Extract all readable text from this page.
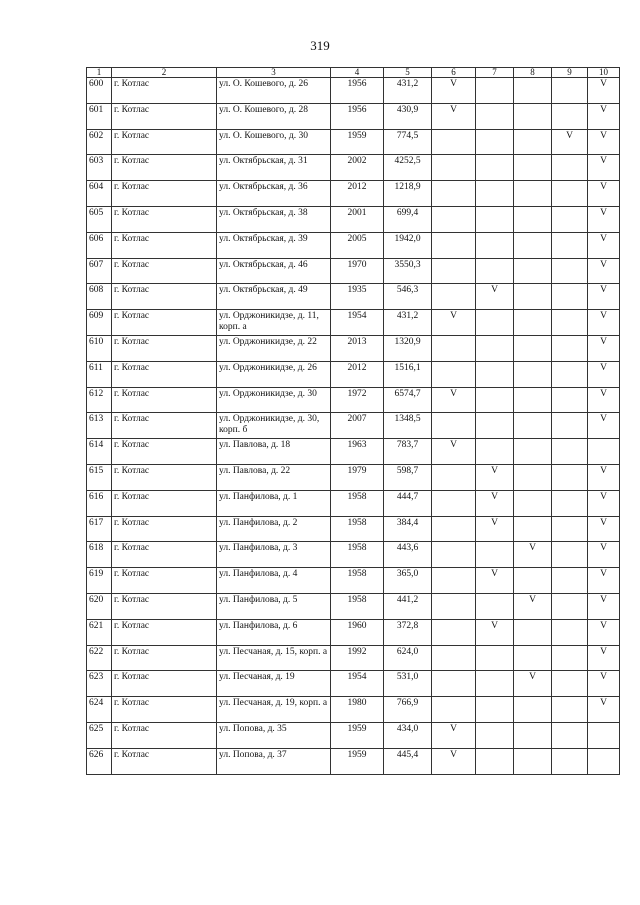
319
1	2	3	4	5	6	7	8	9	10
600	г. Котлас	ул. О. Кошевого, д. 26	1956	431,2	V				V
601	г. Котлас	ул. О. Кошевого, д. 28	1956	430,9	V				V
602	г. Котлас	ул. О. Кошевого, д. 30	1959	774,5				V	V
603	г. Котлас	ул. Октябрьская, д. 31	2002	4252,5					V
604	г. Котлас	ул. Октябрьская, д. 36	2012	1218,9					V
605	г. Котлас	ул. Октябрьская, д. 38	2001	699,4					V
606	г. Котлас	ул. Октябрьская, д. 39	2005	1942,0					V
607	г. Котлас	ул. Октябрьская, д. 46	1970	3550,3					V
608	г. Котлас	ул. Октябрьская, д. 49	1935	546,3		V			V
609	г. Котлас	ул. Орджоникидзе, д. 11, корп. а	1954	431,2	V				V
610	г. Котлас	ул. Орджоникидзе, д. 22	2013	1320,9					V
611	г. Котлас	ул. Орджоникидзе, д. 26	2012	1516,1					V
612	г. Котлас	ул. Орджоникидзе, д. 30	1972	6574,7	V				V
613	г. Котлас	ул. Орджоникидзе, д. 30, корп. б	2007	1348,5					V
614	г. Котлас	ул. Павлова, д. 18	1963	783,7	V				
615	г. Котлас	ул. Павлова, д. 22	1979	598,7		V			V
616	г. Котлас	ул. Панфилова, д. 1	1958	444,7		V			V
617	г. Котлас	ул. Панфилова, д. 2	1958	384,4		V			V
618	г. Котлас	ул. Панфилова, д. 3	1958	443,6			V		V
619	г. Котлас	ул. Панфилова, д. 4	1958	365,0		V			V
620	г. Котлас	ул. Панфилова, д. 5	1958	441,2			V		V
621	г. Котлас	ул. Панфилова, д. 6	1960	372,8		V			V
622	г. Котлас	ул. Песчаная, д. 15, корп. а	1992	624,0					V
623	г. Котлас	ул. Песчаная, д. 19	1954	531,0			V		V
624	г. Котлас	ул. Песчаная, д. 19, корп. а	1980	766,9					V
625	г. Котлас	ул. Попова, д. 35	1959	434,0	V				
626	г. Котлас	ул. Попова, д. 37	1959	445,4	V				
